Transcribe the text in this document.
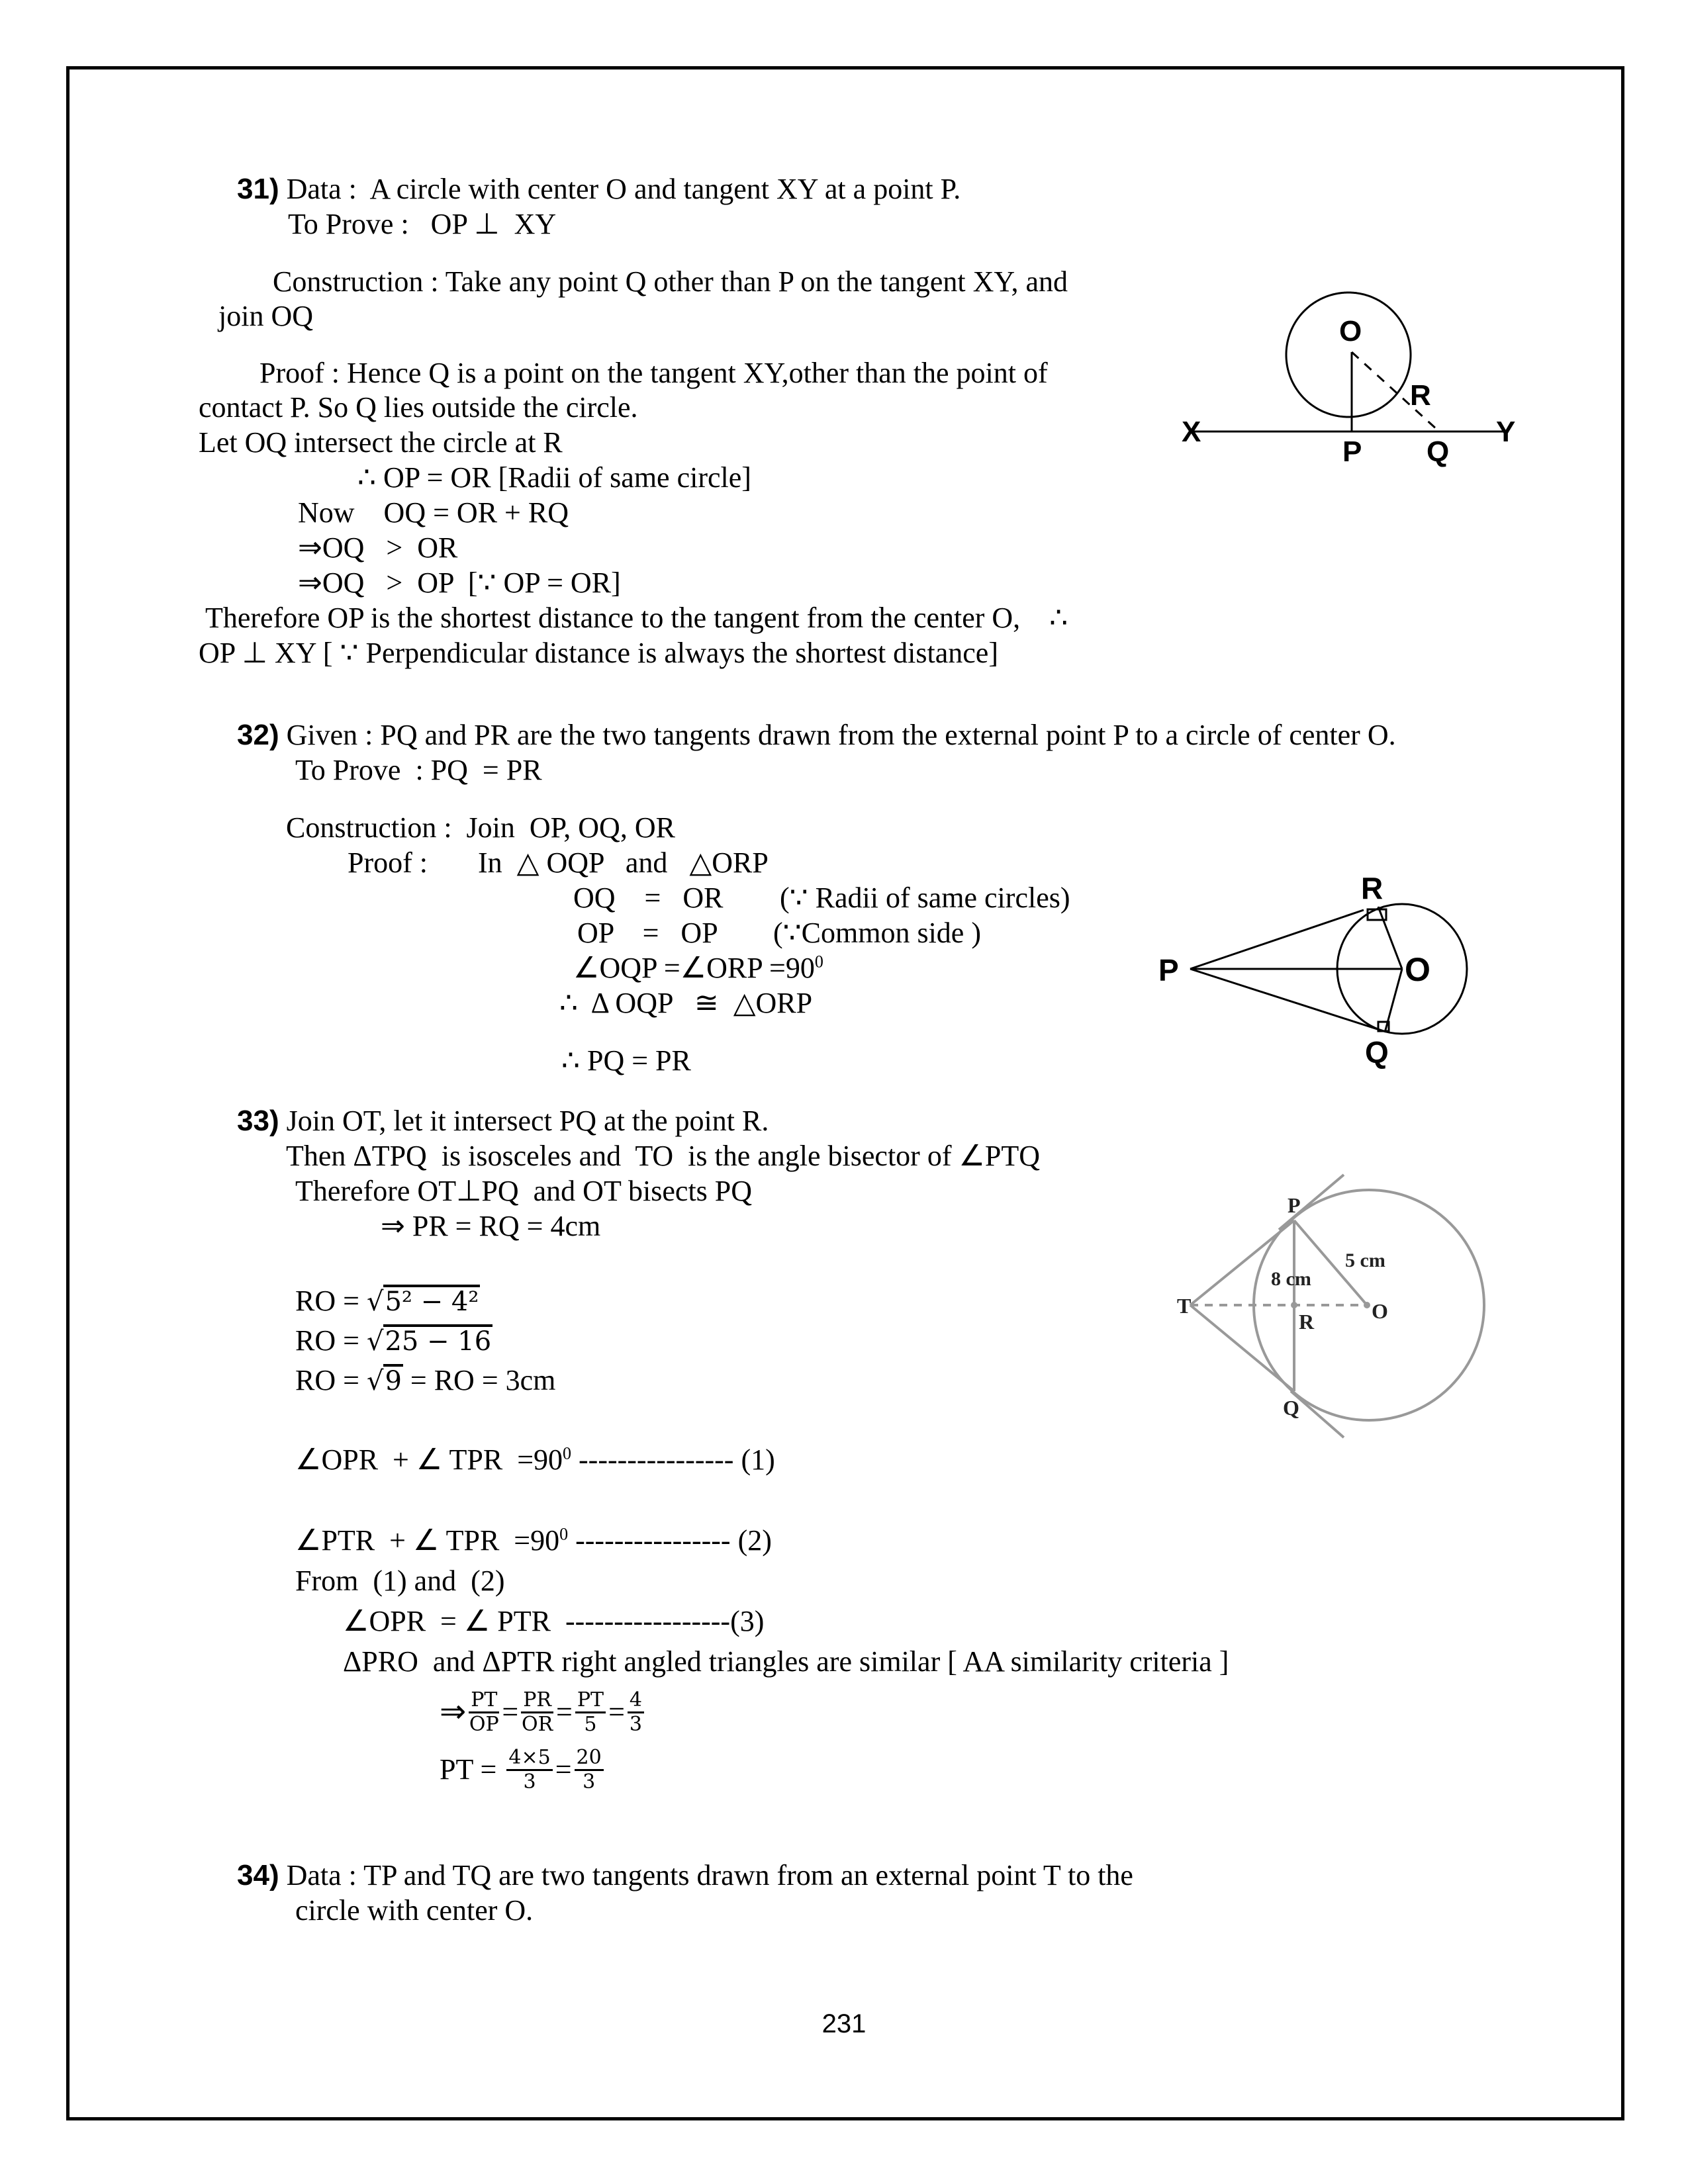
31) Data :  A circle with center O and tangent XY at a point P.
To Prove :   OP ⊥  XY
Construction : Take any point Q other than P on the tangent XY, and
join OQ
Proof : Hence Q is a point on the tangent XY,other than the point of
contact P. So Q lies outside the circle.
Let OQ intersect the circle at R
∴ OP = OR [Radii of same circle]
Now    OQ = OR + RQ
⇒OQ   >  OR
⇒OQ   >  OP  [∵ OP = OR]
Therefore OP is the shortest distance to the tangent from the center O,    ∴
OP ⊥ XY [ ∵ Perpendicular distance is always the shortest distance]
O
R
X
P Q
Y
32) Given : PQ and PR are the two tangents drawn from the external point P to a circle of center O.
To Prove  : PQ  = PR
Construction :  Join  OP, OQ, OR
Proof : In  △ OQP   and   △ORP
OQ    =   OR (∵ Radii of same circles)
OP    =   OP (∵Common side )
∠OQP =∠ORP $=90^0$
∴  Δ OQP   ≅  △ORP
∴ PQ = PR
R
P	O
Q
33) Join OT, let it intersect PQ at the point R.
Then ΔTPQ  is isosceles and  TO  is the angle bisector of ∠PTQ
Therefore OT⊥PQ  and OT bisects PQ
⇒ PR = RQ = 4cm
RO = √5² − 4²
RO = √25 − 16
RO = √9 = RO = 3cm
∠OPR  + ∠ TPR  $=90^0$ ---------------- (1)
∠PTR  + ∠ TPR  $=90^0$ ---------------- (2)
From  (1) and  (2)
∠OPR  = ∠ PTR  -----------------(3)
ΔPRO  and ΔPTR right angled triangles are similar [ AA similarity criteria ]
⇒ $\frac{PT}{OP} = \frac{PR}{OR} = \frac{PT}{5} = \frac{4}{3}$
PT = $\frac{4\times 5}{3} = \frac{20}{3}$
P
T
R	O
Q
8 cm
5 cm
34) Data : TP and TQ are two tangents drawn from an external point T to the
circle with center O.
231
